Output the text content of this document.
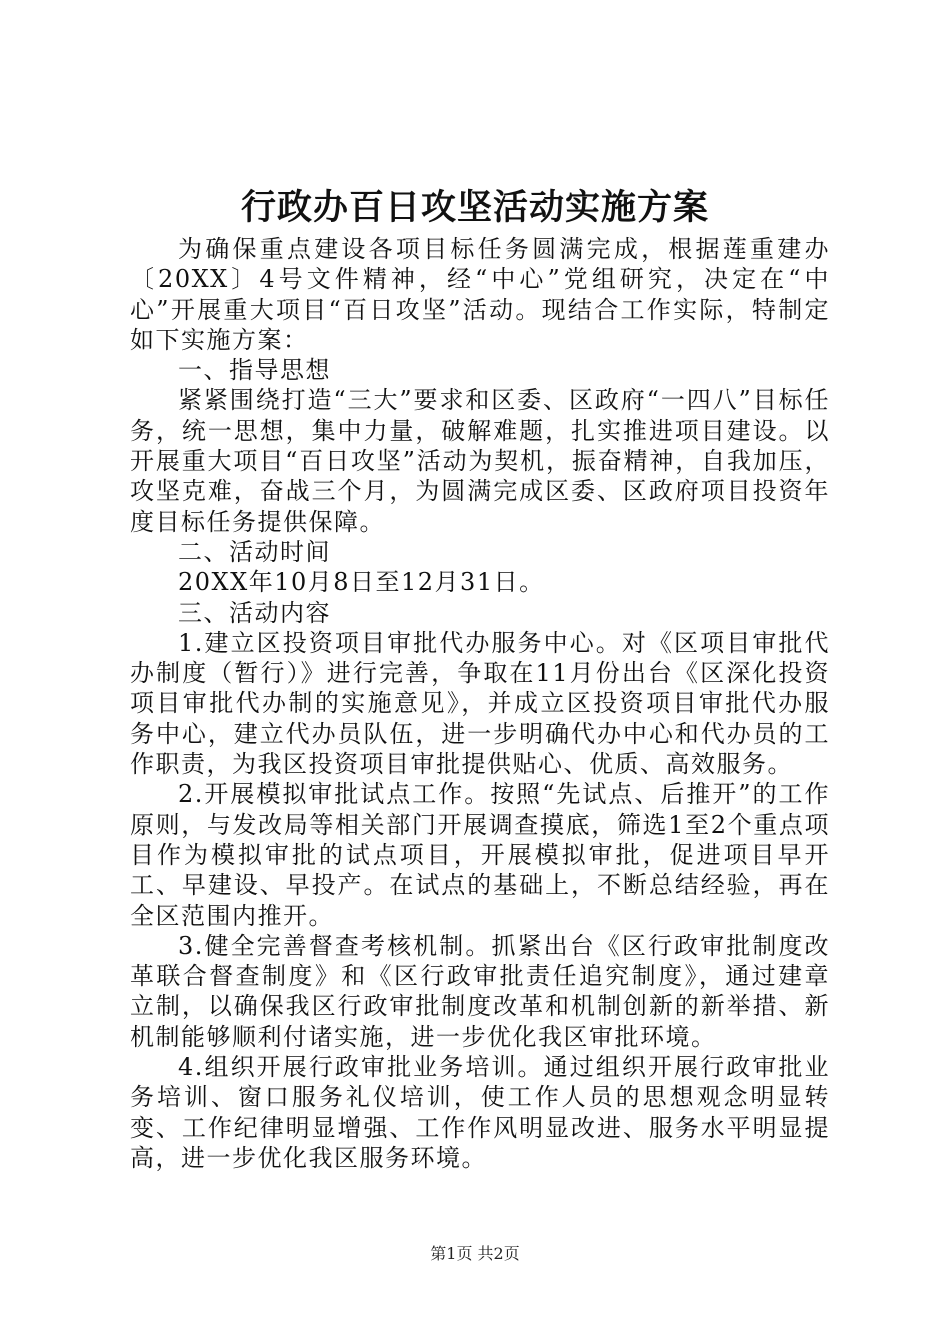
行政办百日攻坚活动实施方案

为确保重点建设各项目标任务圆满完成，根据莲重建办〔20XX〕4号文件精神，经“中心”党组研究，决定在“中心”开展重大项目“百日攻坚”活动。现结合工作实际，特制定如下实施方案：

一、指导思想

紧紧围绕打造“三大”要求和区委、区政府“一四八”目标任务，统一思想，集中力量，破解难题，扎实推进项目建设。以开展重大项目“百日攻坚”活动为契机，振奋精神，自我加压，攻坚克难，奋战三个月，为圆满完成区委、区政府项目投资年度目标任务提供保障。

二、活动时间

20XX年10月8日至12月31日。

三、活动内容

1.建立区投资项目审批代办服务中心。对《区项目审批代办制度（暂行）》进行完善，争取在11月份出台《区深化投资项目审批代办制的实施意见》，并成立区投资项目审批代办服务中心，建立代办员队伍，进一步明确代办中心和代办员的工作职责，为我区投资项目审批提供贴心、优质、高效服务。

2.开展模拟审批试点工作。按照“先试点、后推开”的工作原则，与发改局等相关部门开展调查摸底，筛选1至2个重点项目作为模拟审批的试点项目，开展模拟审批，促进项目早开工、早建设、早投产。在试点的基础上，不断总结经验，再在全区范围内推开。

3.健全完善督查考核机制。抓紧出台《区行政审批制度改革联合督查制度》和《区行政审批责任追究制度》，通过建章立制，以确保我区行政审批制度改革和机制创新的新举措、新机制能够顺利付诸实施，进一步优化我区审批环境。

4.组织开展行政审批业务培训。通过组织开展行政审批业务培训、窗口服务礼仪培训，使工作人员的思想观念明显转变、工作纪律明显增强、工作作风明显改进、服务水平明显提高，进一步优化我区服务环境。

第1页 共2页
